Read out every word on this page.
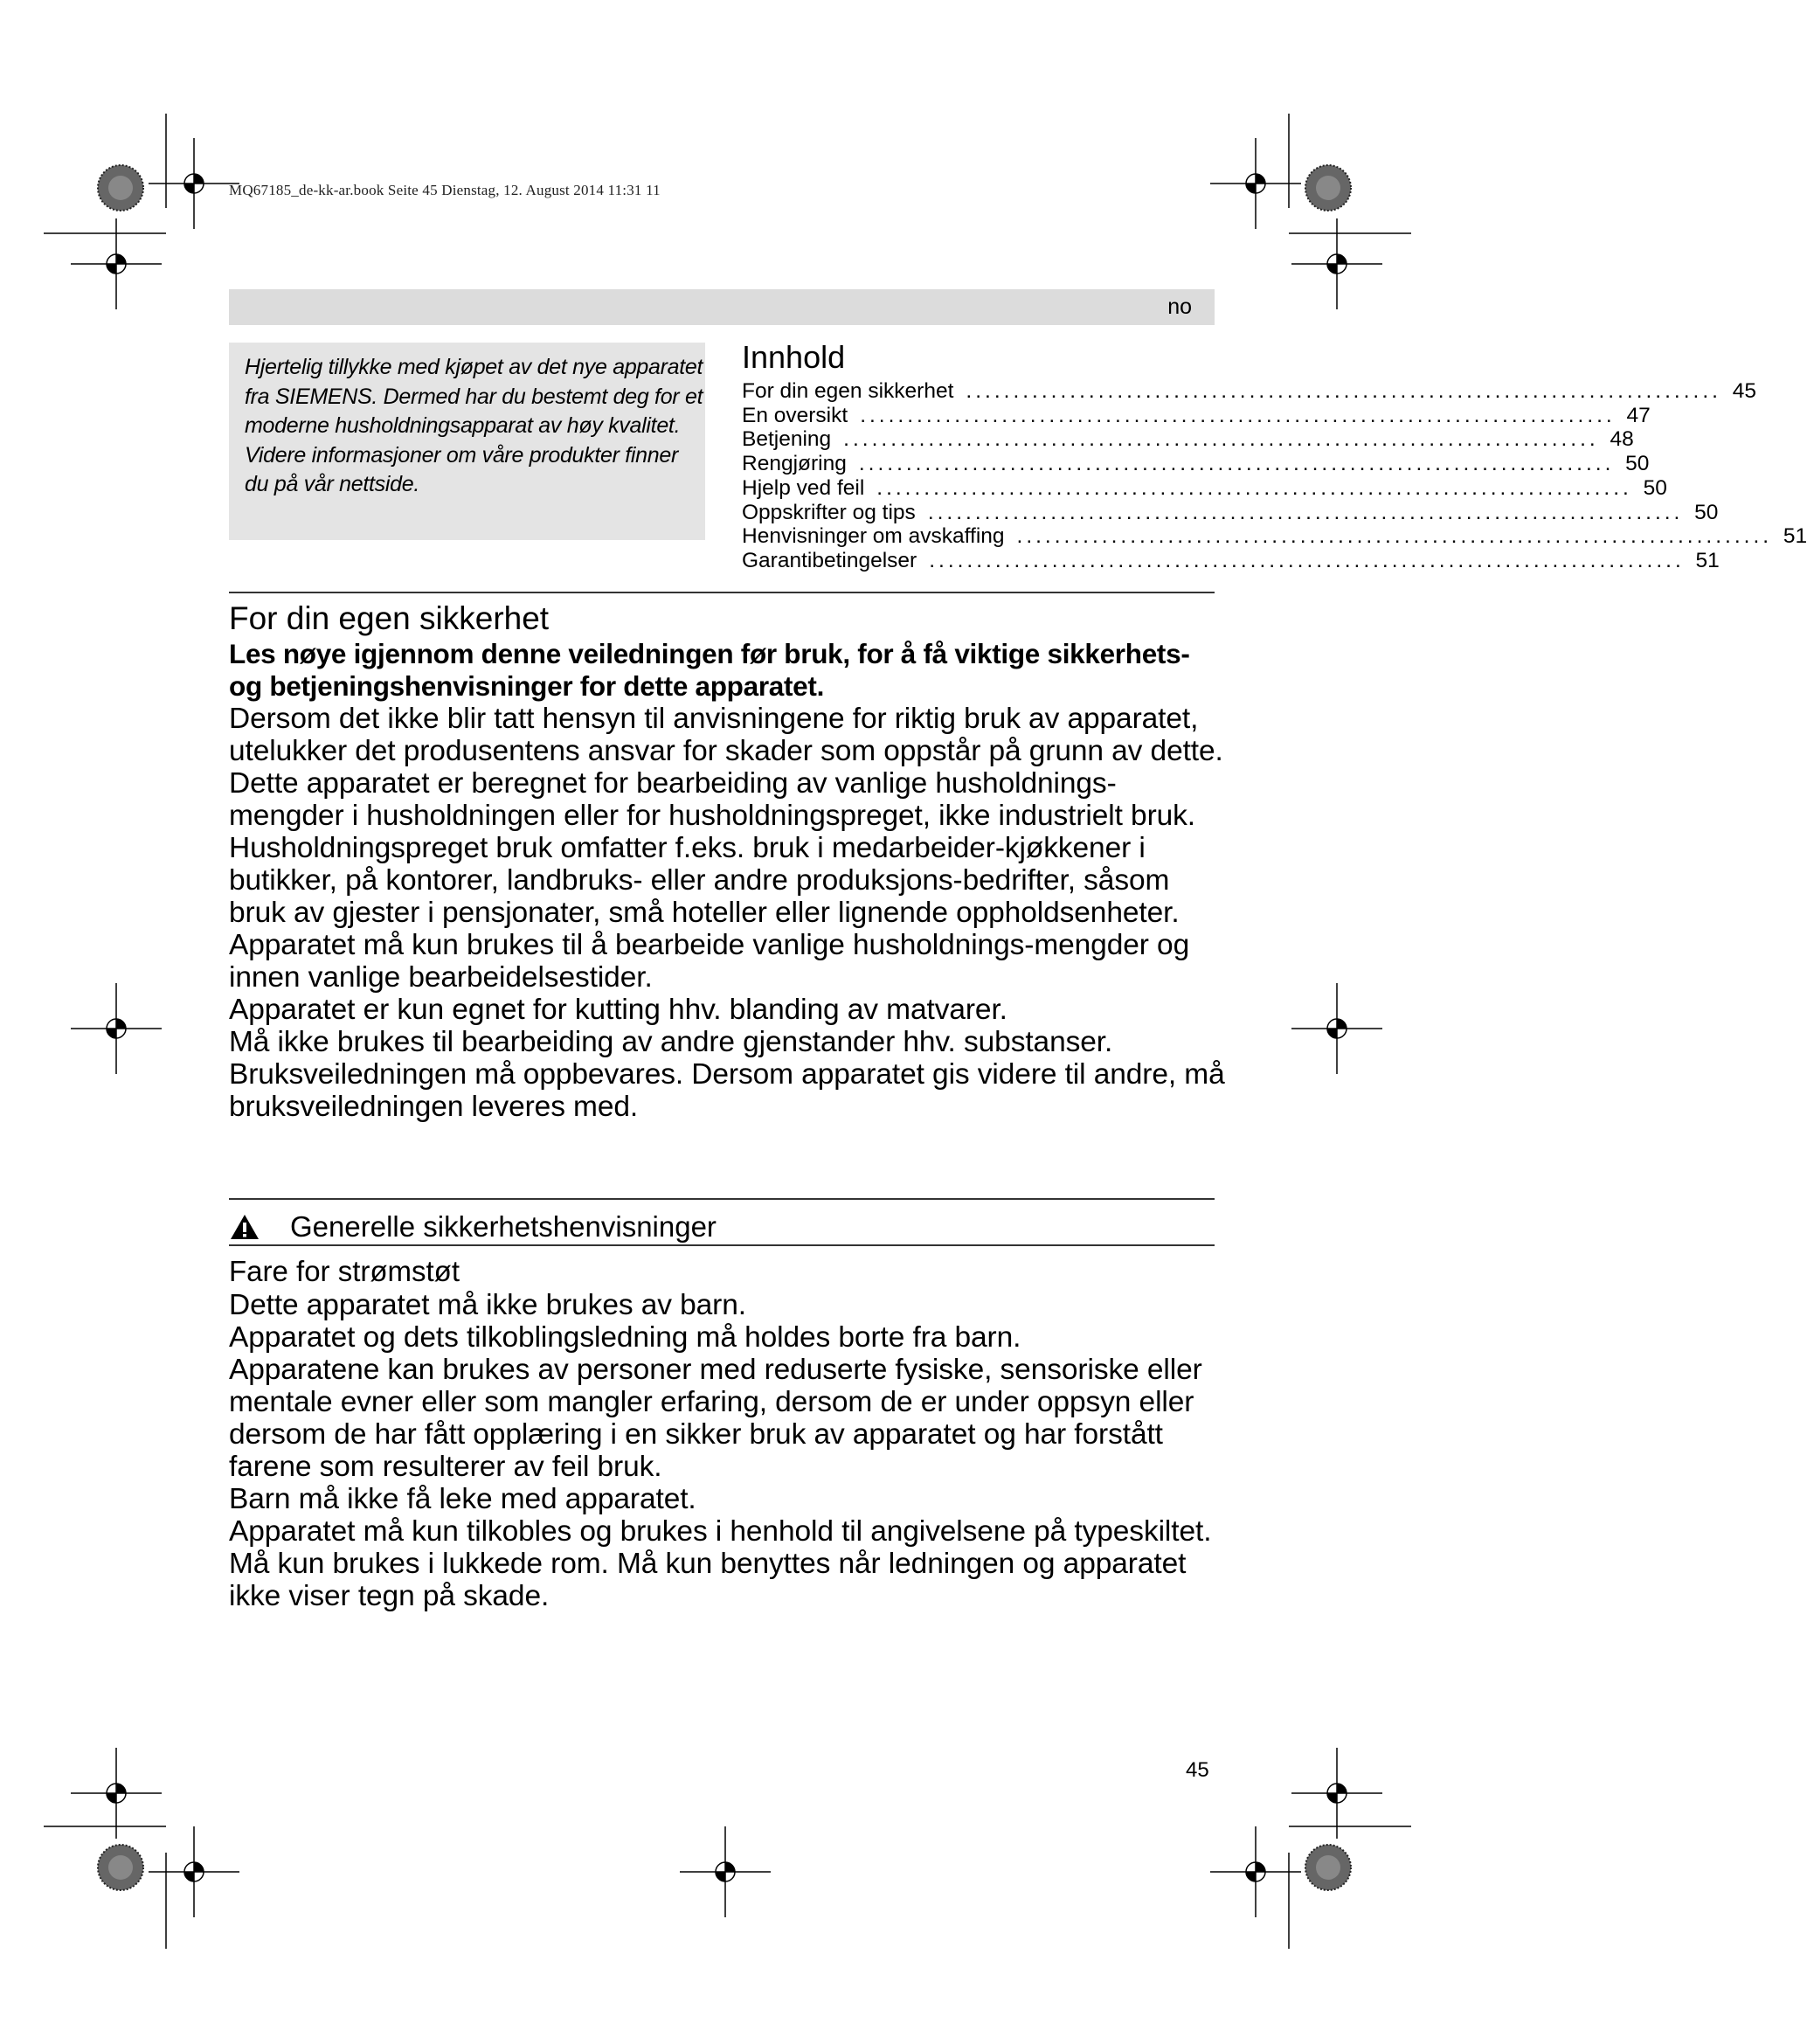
MQ67185_de-kk-ar.book Seite 45 Dienstag, 12. August 2014 11:31 11
no

Hjertelig tillykke med kjøpet av det nye apparatet fra SIEMENS. Dermed har du bestemt deg for et moderne husholdningsapparat av høy kvalitet. Videre informasjoner om våre produkter finner du på vår nettside.

Innhold
For din egen sikkerhet ................................................................................ 45
En oversikt ................................................................................ 47
Betjening ................................................................................ 48
Rengjøring ................................................................................ 50
Hjelp ved feil ................................................................................ 50
Oppskrifter og tips ................................................................................ 50
Henvisninger om avskaffing ................................................................................ 51
Garantibetingelser ................................................................................ 51
For din egen sikkerhet
Les nøye igjennom denne veiledningen før bruk, for å få viktige sikkerhets- og betjeningshenvisninger for dette apparatet.
Dersom det ikke blir tatt hensyn til anvisningene for riktig bruk av apparatet, utelukker det produsentens ansvar for skader som oppstår på grunn av dette.
Dette apparatet er beregnet for bearbeiding av vanlige husholdnings-mengder i husholdningen eller for husholdningspreget, ikke industrielt bruk. Husholdningspreget bruk omfatter f.eks. bruk i medarbeider-kjøkkener i butikker, på kontorer, landbruks- eller andre produksjons-bedrifter, såsom bruk av gjester i pensjonater, små hoteller eller lignende oppholdsenheter.
Apparatet må kun brukes til å bearbeide vanlige husholdnings-mengder og innen vanlige bearbeidelsestider.
Apparatet er kun egnet for kutting hhv. blanding av matvarer.
Må ikke brukes til bearbeiding av andre gjenstander hhv. substanser.
Bruksveiledningen må oppbevares. Dersom apparatet gis videre til andre, må bruksveiledningen leveres med.
Generelle sikkerhetshenvisninger
Fare for strømstøt
Dette apparatet må ikke brukes av barn.
Apparatet og dets tilkoblingsledning må holdes borte fra barn.
Apparatene kan brukes av personer med reduserte fysiske, sensoriske eller mentale evner eller som mangler erfaring, dersom de er under oppsyn eller dersom de har fått opplæring i en sikker bruk av apparatet og har forstått farene som resulterer av feil bruk.
Barn må ikke få leke med apparatet.
Apparatet må kun tilkobles og brukes i henhold til angivelsene på typeskiltet. Må kun brukes i lukkede rom. Må kun benyttes når ledningen og apparatet ikke viser tegn på skade.
45
